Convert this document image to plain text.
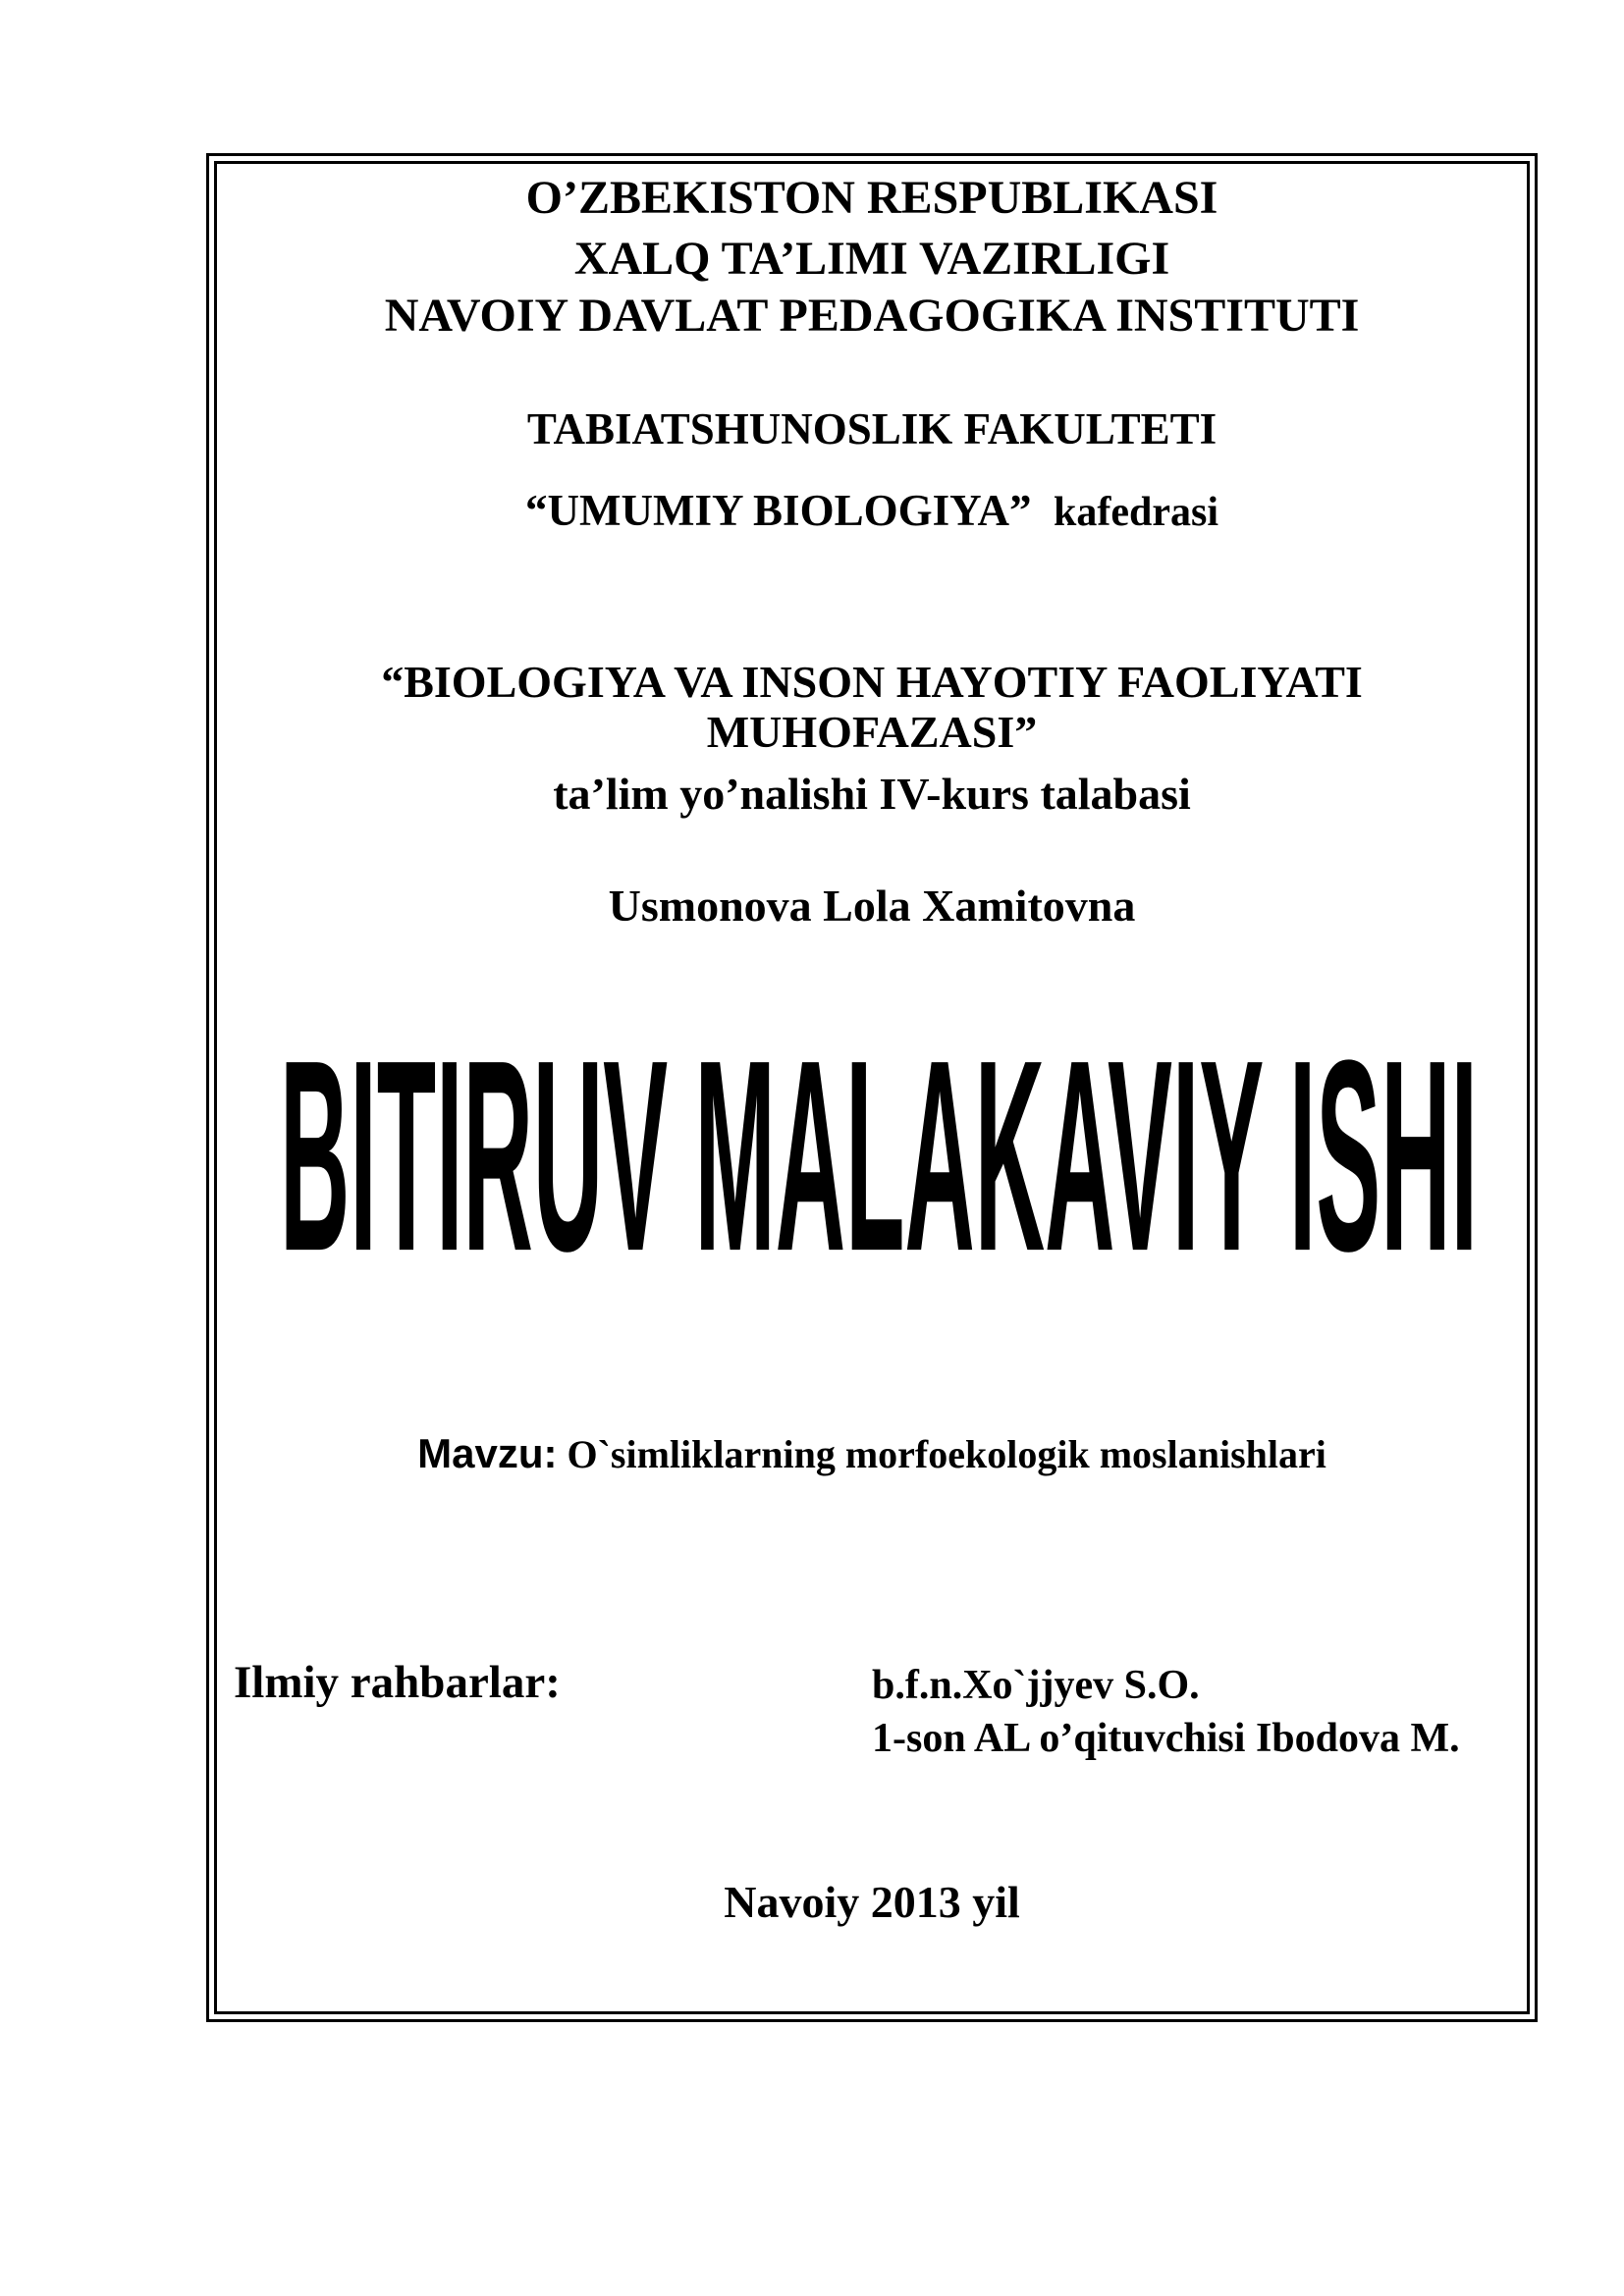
O’ZBEKISTON RESPUBLIKASI
XALQ TA’LIMI VAZIRLIGI
NAVOIY DAVLAT PEDAGOGIKA INSTITUTI
TABIATSHUNOSLIK FAKULTETI
“UMUMIY BIOLOGIYA” kafedrasi
“BIOLOGIYA VA INSON HAYOTIY FAOLIYATI
MUHOFAZASI”
ta’lim yo’nalishi IV-kurs talabasi
Usmonova Lola Xamitovna
BITIRUV MALAKAVIY ISHI
Mavzu: O`simliklarning morfoekologik moslanishlari
Ilmiy rahbarlar:	b.f.n.Xo`jjyev S.O.
1-son AL o’qituvchisi Ibodova M.
Navoiy 2013 yil
